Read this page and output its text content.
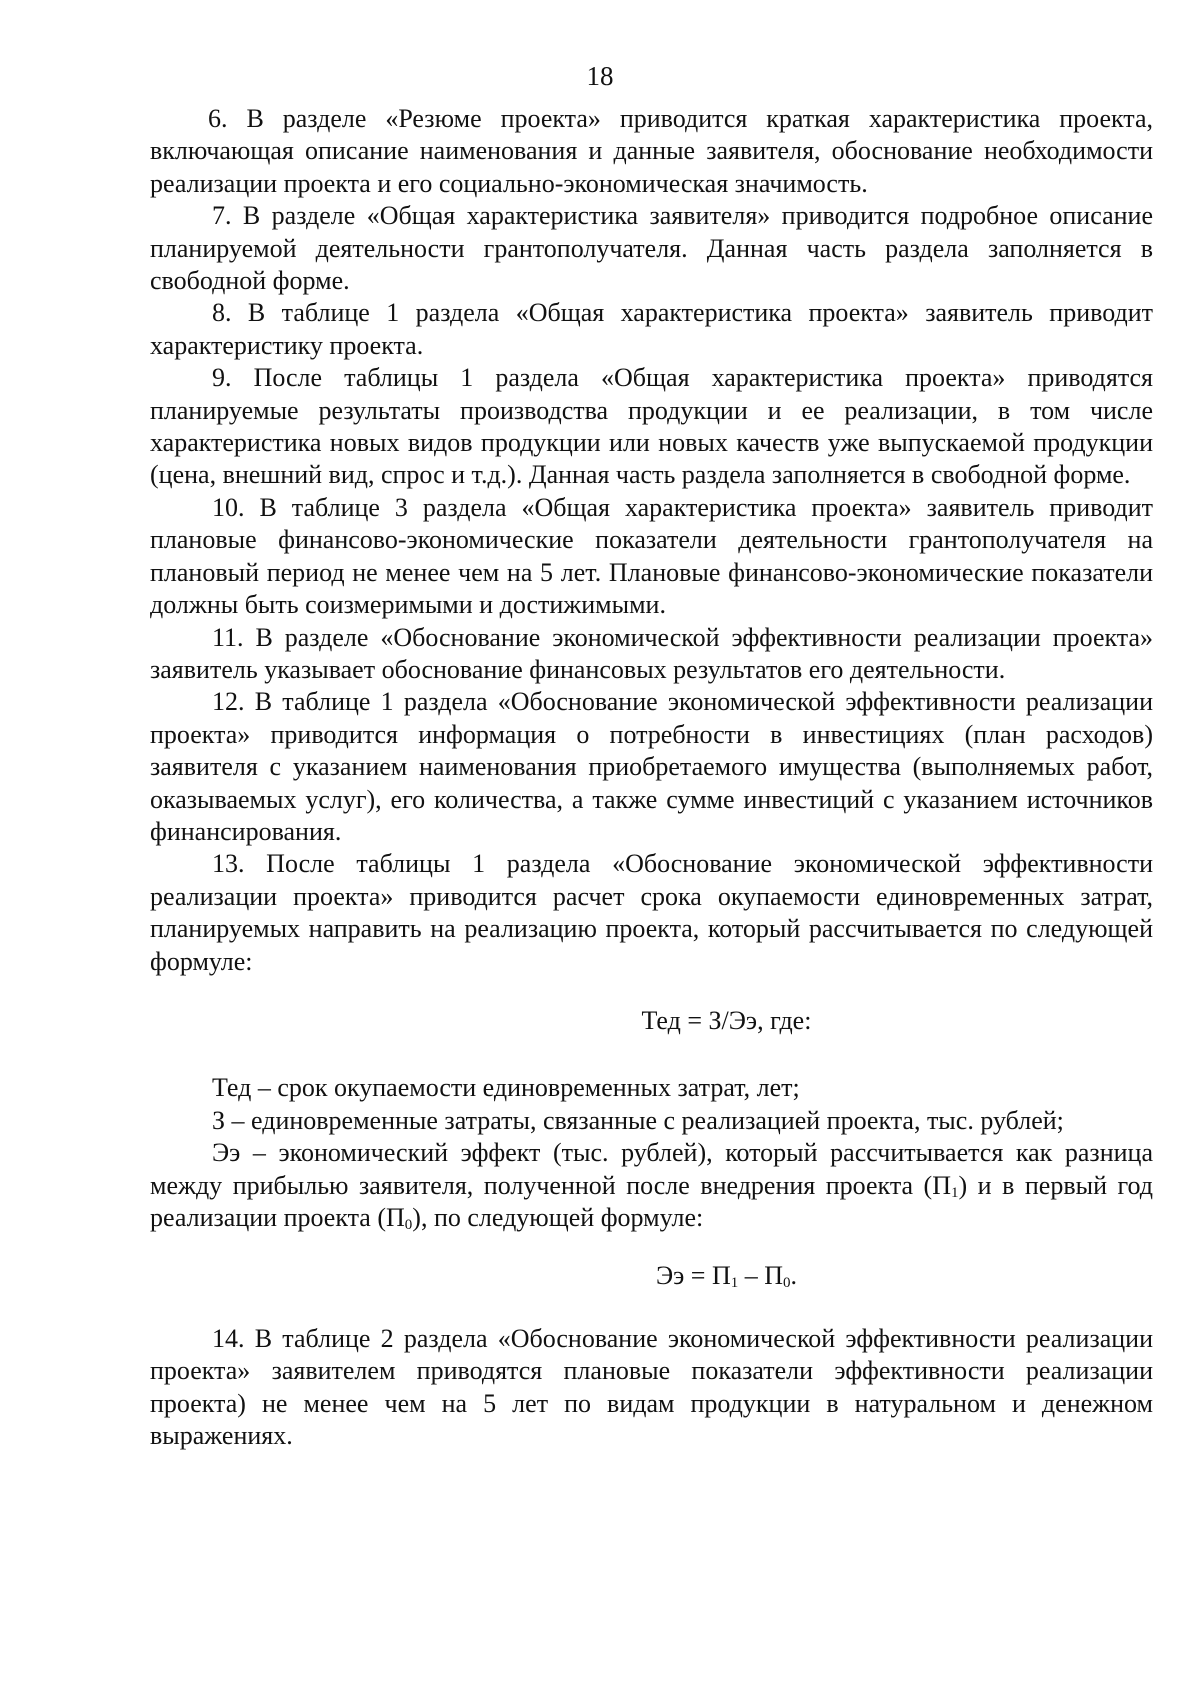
18

6. В разделе «Резюме проекта» приводится краткая характеристика проекта, включающая описание наименования и данные заявителя, обоснование необходимости реализации проекта и его социально-экономическая значимость.

7. В разделе «Общая характеристика заявителя» приводится подробное описание планируемой деятельности грантополучателя. Данная часть раздела заполняется в свободной форме.

8. В таблице 1 раздела «Общая характеристика проекта» заявитель приводит характеристику проекта.

9. После таблицы 1 раздела «Общая характеристика проекта» приводятся планируемые результаты производства продукции и ее реализации, в том числе характеристика новых видов продукции или новых качеств уже выпускаемой продукции (цена, внешний вид, спрос и т.д.). Данная часть раздела заполняется в свободной форме.

10. В таблице 3 раздела «Общая характеристика проекта» заявитель приводит плановые финансово-экономические показатели деятельности грантополучателя на плановый период не менее чем на 5 лет. Плановые финансово-экономические показатели должны быть соизмеримыми и достижимыми.

11. В разделе «Обоснование экономической эффективности реализации проекта» заявитель указывает обоснование финансовых результатов его деятельности.

12. В таблице 1 раздела «Обоснование экономической эффективности реализации проекта» приводится информация о потребности в инвестициях (план расходов) заявителя с указанием наименования приобретаемого имущества (выполняемых работ, оказываемых услуг), его количества, а также сумме инвестиций с указанием источников финансирования.

13. После таблицы 1 раздела «Обоснование экономической эффективности реализации проекта» приводится расчет срока окупаемости единовременных затрат, планируемых направить на реализацию проекта, который рассчитывается по следующей формуле:

Тед = З/Ээ, где:

Тед – срок окупаемости единовременных затрат, лет;

З – единовременные затраты, связанные с реализацией проекта, тыс. рублей;

Ээ – экономический эффект (тыс. рублей), который рассчитывается как разница между прибылью заявителя, полученной после внедрения проекта $(П_1)$ и в первый год реализации проекта $(П_0)$, по следующей формуле:

Ээ = $П_1 - П_0$.

14. В таблице 2 раздела «Обоснование экономической эффективности реализации проекта» заявителем приводятся плановые показатели эффективности реализации проекта) не менее чем на 5 лет по видам продукции в натуральном и денежном выражениях.
